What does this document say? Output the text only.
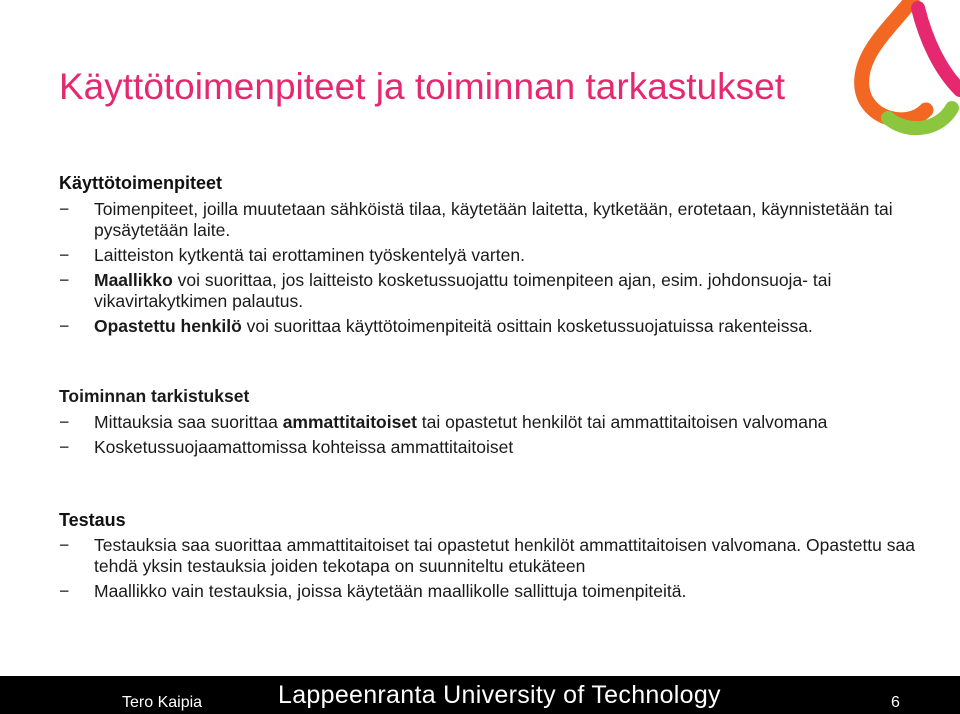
Käyttötoimenpiteet ja toiminnan tarkastukset
Käyttötoimenpiteet
− Toimenpiteet, joilla muutetaan sähköistä tilaa, käytetään laitetta, kytketään, erotetaan, käynnistetään tai pysäytetään laite.
− Laitteiston kytkentä tai erottaminen työskentelyä varten.
− Maallikko voi suorittaa, jos laitteisto kosketussuojattu toimenpiteen ajan, esim. johdonsuoja- tai vikavirtakytkimen palautus.
− Opastettu henkilö voi suorittaa käyttötoimenpiteitä osittain kosketussuojatuissa rakenteissa.
Toiminnan tarkistukset
− Mittauksia saa suorittaa ammattitaitoiset tai opastetut henkilöt tai ammattitaitoisen valvomana
− Kosketussuojaamattomissa kohteissa ammattitaitoiset
Testaus
− Testauksia saa suorittaa ammattitaitoiset tai opastetut henkilöt ammattitaitoisen valvomana. Opastettu saa tehdä yksin testauksia joiden tekotapa on suunniteltu etukäteen
− Maallikko vain testauksia, joissa käytetään maallikolle sallittuja toimenpiteitä.
Tero Kaipia	Lappeenranta University of Technology	6
